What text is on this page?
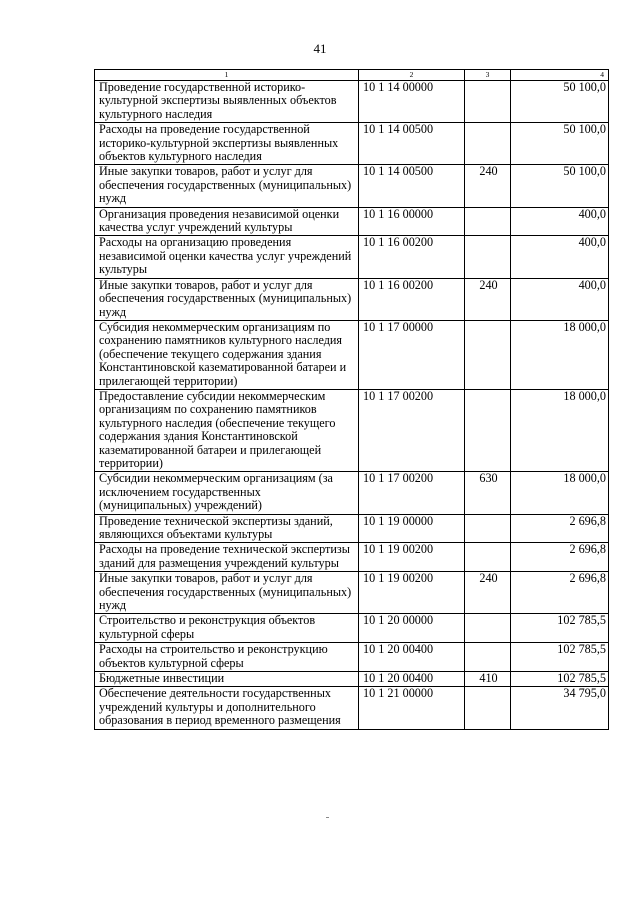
41
1	2	3	4
Проведение государственной историко-культурной экспертизы выявленных объектов культурного наследия	10 1 14 00000		50 100,0
Расходы на проведение государственной историко-культурной экспертизы выявленных объектов культурного наследия	10 1 14 00500		50 100,0
Иные закупки товаров, работ и услуг для обеспечения государственных (муниципальных) нужд	10 1 14 00500	240	50 100,0
Организация проведения независимой оценки качества услуг учреждений культуры	10 1 16 00000		400,0
Расходы на организацию проведения независимой оценки качества услуг учреждений культуры	10 1 16 00200		400,0
Иные закупки товаров, работ и услуг для обеспечения государственных (муниципальных) нужд	10 1 16 00200	240	400,0
Субсидия некоммерческим организациям по сохранению памятников культурного наследия (обеспечение текущего содержания здания Константиновской казематированной батареи и прилегающей территории)	10 1 17 00000		18 000,0
Предоставление субсидии некоммерческим организациям по сохранению памятников культурного наследия (обеспечение текущего содержания здания Константиновской казематированной батареи и прилегающей территории)	10 1 17 00200		18 000,0
Субсидии некоммерческим организациям (за исключением государственных (муниципальных) учреждений)	10 1 17 00200	630	18 000,0
Проведение технической экспертизы зданий, являющихся объектами культуры	10 1 19 00000		2 696,8
Расходы на проведение технической экспертизы зданий для размещения учреждений культуры	10 1 19 00200		2 696,8
Иные закупки товаров, работ и услуг для обеспечения государственных (муниципальных) нужд	10 1 19 00200	240	2 696,8
Строительство и реконструкция объектов культурной сферы	10 1 20 00000		102 785,5
Расходы на строительство и реконструкцию объектов культурной сферы	10 1 20 00400		102 785,5
Бюджетные инвестиции	10 1 20 00400	410	102 785,5
Обеспечение деятельности государственных учреждений культуры и дополнительного образования в период временного размещения	10 1 21 00000		34 795,0
